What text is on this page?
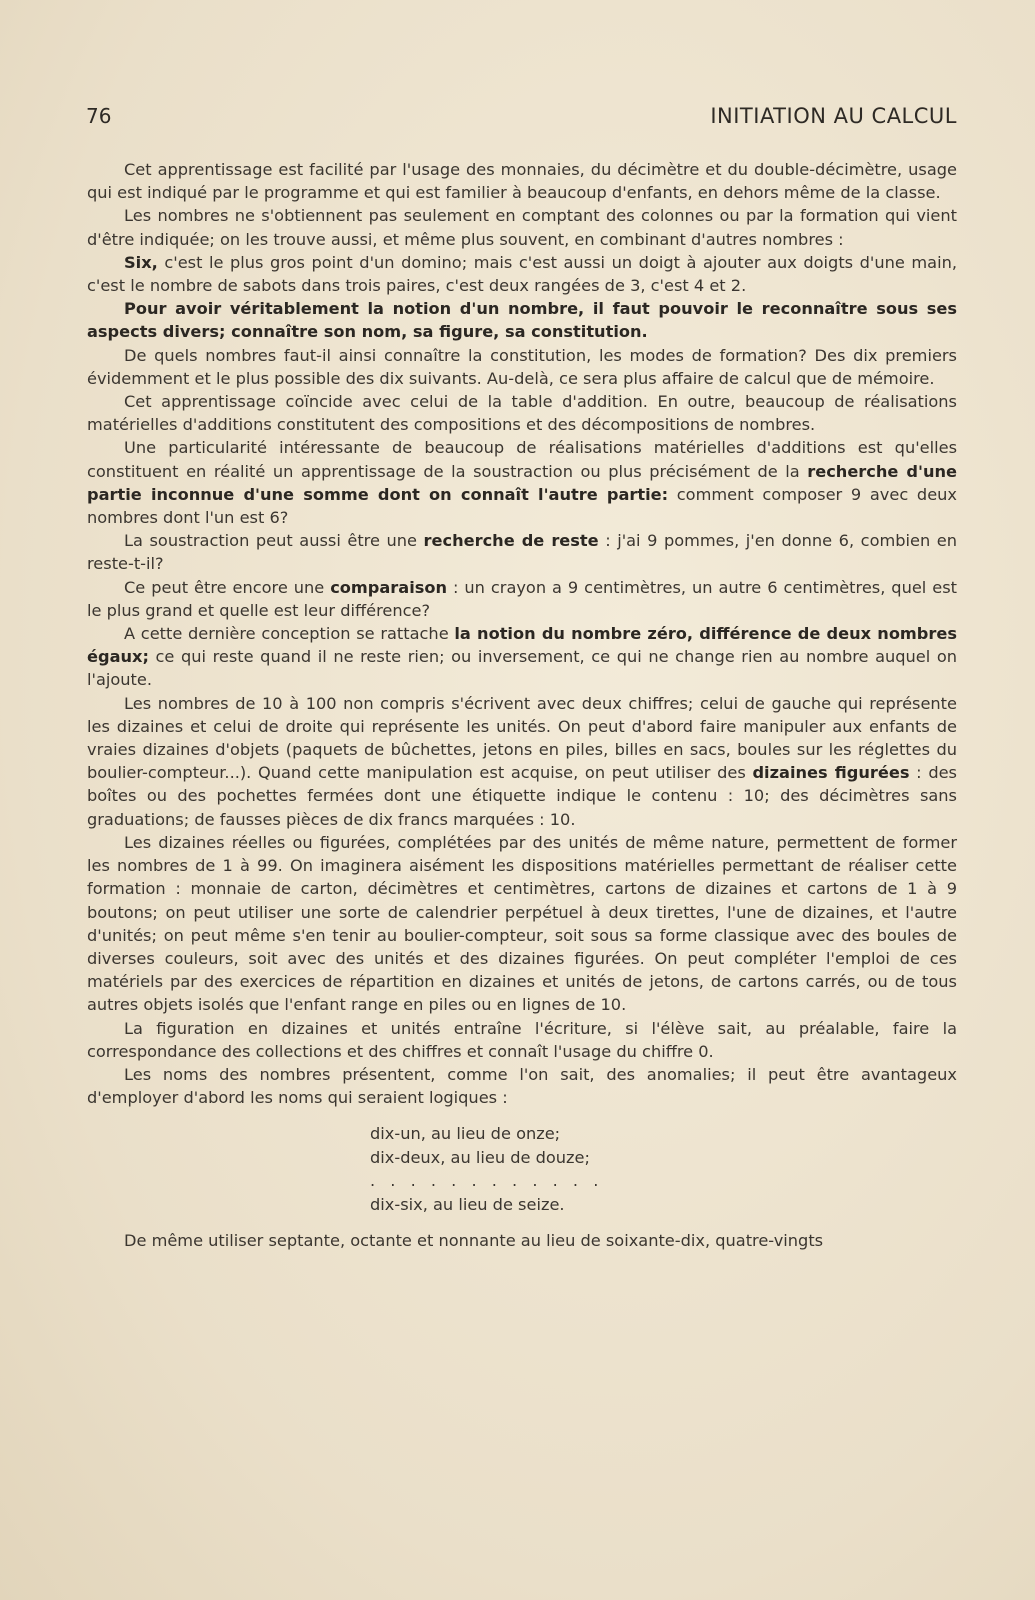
76	INITIATION AU CALCUL

Cet apprentissage est facilité par l'usage des monnaies, du décimètre et du double-décimètre, usage qui est indiqué par le programme et qui est familier à beaucoup d'enfants, en dehors même de la classe.

Les nombres ne s'obtiennent pas seulement en comptant des colonnes ou par la formation qui vient d'être indiquée; on les trouve aussi, et même plus souvent, en combinant d'autres nombres :

Six, c'est le plus gros point d'un domino; mais c'est aussi un doigt à ajouter aux doigts d'une main, c'est le nombre de sabots dans trois paires, c'est deux rangées de 3, c'est 4 et 2.

Pour avoir véritablement la notion d'un nombre, il faut pouvoir le reconnaître sous ses aspects divers; connaître son nom, sa figure, sa constitution.

De quels nombres faut-il ainsi connaître la constitution, les modes de formation? Des dix premiers évidemment et le plus possible des dix suivants. Au-delà, ce sera plus affaire de calcul que de mémoire.

Cet apprentissage coïncide avec celui de la table d'addition. En outre, beaucoup de réalisations matérielles d'additions constitutent des compositions et des décompositions de nombres.

Une particularité intéressante de beaucoup de réalisations matérielles d'additions est qu'elles constituent en réalité un apprentissage de la soustraction ou plus précisément de la recherche d'une partie inconnue d'une somme dont on connaît l'autre partie: comment composer 9 avec deux nombres dont l'un est 6?

La soustraction peut aussi être une recherche de reste : j'ai 9 pommes, j'en donne 6, combien en reste-t-il?

Ce peut être encore une comparaison : un crayon a 9 centimètres, un autre 6 centimètres, quel est le plus grand et quelle est leur différence?

A cette dernière conception se rattache la notion du nombre zéro, différence de deux nombres égaux; ce qui reste quand il ne reste rien; ou inversement, ce qui ne change rien au nombre auquel on l'ajoute.

Les nombres de 10 à 100 non compris s'écrivent avec deux chiffres; celui de gauche qui représente les dizaines et celui de droite qui représente les unités. On peut d'abord faire manipuler aux enfants de vraies dizaines d'objets (paquets de bûchettes, jetons en piles, billes en sacs, boules sur les réglettes du boulier-compteur...). Quand cette manipulation est acquise, on peut utiliser des dizaines figurées : des boîtes ou des pochettes fermées dont une étiquette indique le contenu : 10; des décimètres sans graduations; de fausses pièces de dix francs marquées : 10.

Les dizaines réelles ou figurées, complétées par des unités de même nature, permettent de former les nombres de 1 à 99. On imaginera aisément les dispositions matérielles permettant de réaliser cette formation : monnaie de carton, décimètres et centimètres, cartons de dizaines et cartons de 1 à 9 boutons; on peut utiliser une sorte de calendrier perpétuel à deux tirettes, l'une de dizaines, et l'autre d'unités; on peut même s'en tenir au boulier-compteur, soit sous sa forme classique avec des boules de diverses couleurs, soit avec des unités et des dizaines figurées. On peut compléter l'emploi de ces matériels par des exercices de répartition en dizaines et unités de jetons, de cartons carrés, ou de tous autres objets isolés que l'enfant range en piles ou en lignes de 10.

La figuration en dizaines et unités entraîne l'écriture, si l'élève sait, au préalable, faire la correspondance des collections et des chiffres et connaît l'usage du chiffre 0.

Les noms des nombres présentent, comme l'on sait, des anomalies; il peut être avantageux d'employer d'abord les noms qui seraient logiques :

dix-un, au lieu de onze;
dix-deux, au lieu de douze;
. . . . . . . . . . . .
dix-six, au lieu de seize.

De même utiliser septante, octante et nonnante au lieu de soixante-dix, quatre-vingts
